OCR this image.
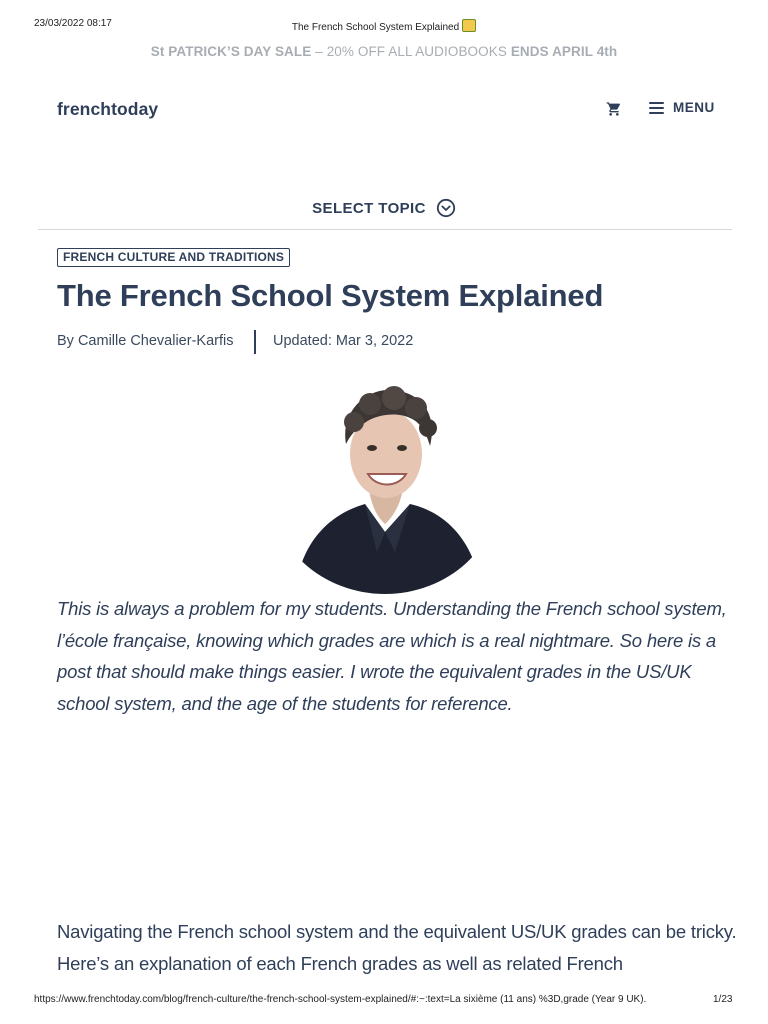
23/03/2022 08:17	The French School System Explained
St PATRICK’S DAY SALE – 20% OFF ALL AUDIOBOOKS ENDS APRIL 4th
frenchtoday	MENU
SELECT TOPIC
FRENCH CULTURE AND TRADITIONS
The French School System Explained
By Camille Chevalier-Karfis	Updated: Mar 3, 2022

This is always a problem for my students. Understanding the French school system, l’école française, knowing which grades are which is a real nightmare. So here is a post that should make things easier. I wrote the equivalent grades in the US/UK school system, and the age of the students for reference.

Navigating the French school system and the equivalent US/UK grades can be tricky. Here’s an explanation of each French grades as well as related French

https://www.frenchtoday.com/blog/french-culture/the-french-school-system-explained/#:~:text=La sixième (11 ans) %3D,grade (Year 9 UK).	1/23
